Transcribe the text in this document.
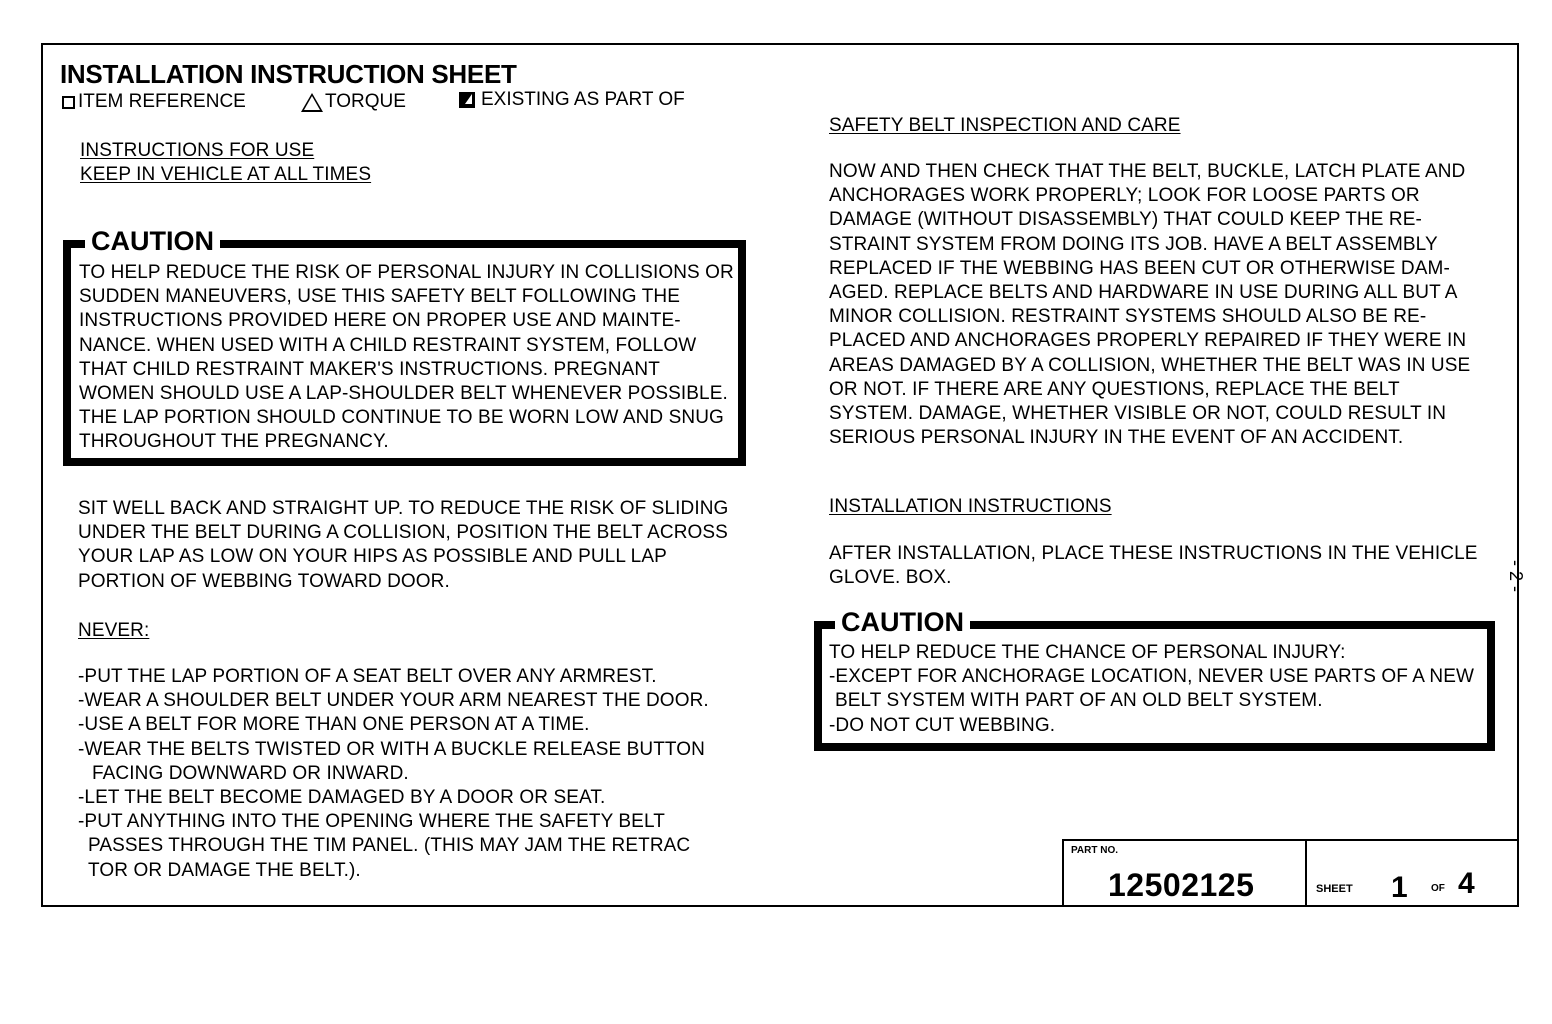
INSTALLATION INSTRUCTION SHEET
ITEM REFERENCE	TORQUE	EXISTING AS PART OF
INSTRUCTIONS FOR USE
KEEP IN VEHICLE AT ALL TIMES
TO HELP REDUCE THE RISK OF PERSONAL INJURY IN COLLISIONS OR
SUDDEN MANEUVERS, USE THIS SAFETY BELT FOLLOWING THE
INSTRUCTIONS PROVIDED HERE ON PROPER USE AND MAINTE-
NANCE. WHEN USED WITH A CHILD RESTRAINT SYSTEM, FOLLOW
THAT CHILD RESTRAINT MAKER'S INSTRUCTIONS. PREGNANT
WOMEN SHOULD USE A LAP-SHOULDER BELT WHENEVER POSSIBLE.
THE LAP PORTION SHOULD CONTINUE TO BE WORN LOW AND SNUG
THROUGHOUT THE PREGNANCY.
CAUTION
SIT WELL BACK AND STRAIGHT UP. TO REDUCE THE RISK OF SLIDING
UNDER THE BELT DURING A COLLISION, POSITION THE BELT ACROSS
YOUR LAP AS LOW ON YOUR HIPS AS POSSIBLE AND PULL LAP
PORTION OF WEBBING TOWARD DOOR.
NEVER:
-PUT THE LAP PORTION OF A SEAT BELT OVER ANY ARMREST.
-WEAR A SHOULDER BELT UNDER YOUR ARM NEAREST THE DOOR.
-USE A BELT FOR MORE THAN ONE PERSON AT A TIME.
-WEAR THE BELTS TWISTED OR WITH A BUCKLE RELEASE BUTTON
FACING DOWNWARD OR INWARD.
-LET THE BELT BECOME DAMAGED BY A DOOR OR SEAT.
-PUT ANYTHING INTO THE OPENING WHERE THE SAFETY BELT
PASSES THROUGH THE TIM PANEL. (THIS MAY JAM THE RETRAC
TOR OR DAMAGE THE BELT.).
SAFETY BELT INSPECTION AND CARE
NOW AND THEN CHECK THAT THE BELT, BUCKLE, LATCH PLATE AND
ANCHORAGES WORK PROPERLY; LOOK FOR LOOSE PARTS OR
DAMAGE (WITHOUT DISASSEMBLY) THAT COULD KEEP THE RE-
STRAINT SYSTEM FROM DOING ITS JOB. HAVE A BELT ASSEMBLY
REPLACED IF THE WEBBING HAS BEEN CUT OR OTHERWISE DAM-
AGED. REPLACE BELTS AND HARDWARE IN USE DURING ALL BUT A
MINOR COLLISION. RESTRAINT SYSTEMS SHOULD ALSO BE RE-
PLACED AND ANCHORAGES PROPERLY REPAIRED IF THEY WERE IN
AREAS DAMAGED BY A COLLISION, WHETHER THE BELT WAS IN USE
OR NOT. IF THERE ARE ANY QUESTIONS, REPLACE THE BELT
SYSTEM. DAMAGE, WHETHER VISIBLE OR NOT, COULD RESULT IN
SERIOUS PERSONAL INJURY IN THE EVENT OF AN ACCIDENT.
INSTALLATION INSTRUCTIONS
AFTER INSTALLATION, PLACE THESE INSTRUCTIONS IN THE VEHICLE
GLOVE. BOX.
TO HELP REDUCE THE CHANCE OF PERSONAL INJURY:
-EXCEPT FOR ANCHORAGE LOCATION, NEVER USE PARTS OF A NEW
BELT SYSTEM WITH PART OF AN OLD BELT SYSTEM.
-DO NOT CUT WEBBING.
CAUTION
PART NO.
12502125	SHEET 1 OF 4
- 2 -
